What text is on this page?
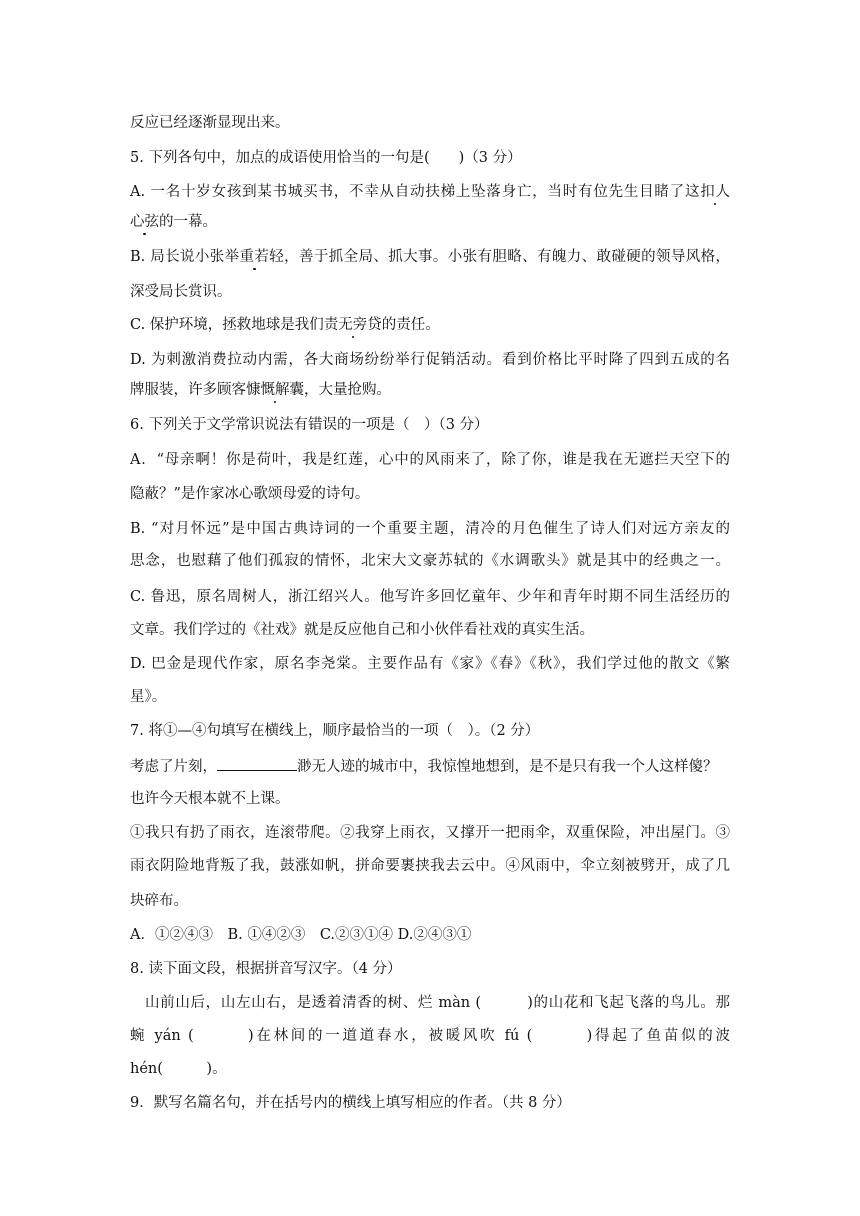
反应已经逐渐显现出来。
5. 下列各句中，加点的成语使用恰当的一句是(　　)（3 分）
A. 一名十岁女孩到某书城买书，不幸从自动扶梯上坠落身亡，当时有位先生目睹了这扣人
心弦的一幕。
B. 局长说小张举重若轻，善于抓全局、抓大事。小张有胆略、有魄力、敢碰硬的领导风格，
深受局长赏识。
C. 保护环境，拯救地球是我们责无旁贷的责任。
D. 为刺激消费拉动内需，各大商场纷纷举行促销活动。看到价格比平时降了四到五成的名
牌服装，许多顾客慷慨解囊，大量抢购。
6. 下列关于文学常识说法有错误的一项是（　）（3 分）
A．“母亲啊！你是荷叶，我是红莲，心中的风雨来了，除了你，谁是我在无遮拦天空下的
隐蔽？”是作家冰心歌颂母爱的诗句。
B. “对月怀远”是中国古典诗词的一个重要主题，清冷的月色催生了诗人们对远方亲友的
思念，也慰藉了他们孤寂的情怀，北宋大文豪苏轼的《水调歌头》就是其中的经典之一。
C. 鲁迅，原名周树人，浙江绍兴人。他写许多回忆童年、少年和青年时期不同生活经历的
文章。我们学过的《社戏》就是反应他自己和小伙伴看社戏的真实生活。
D. 巴金是现代作家，原名李尧棠。主要作品有《家》《春》《秋》，我们学过他的散文《繁
星》。
7. 将①—④句填写在横线上，顺序最恰当的一项（　）。（2 分）
考虑了片刻，	渺无人迹的城市中，我惊惶地想到，是不是只有我一个人这样傻？
也许今天根本就不上课。
①我只有扔了雨衣，连滚带爬。②我穿上雨衣，又撑开一把雨伞，双重保险，冲出屋门。③
雨衣阴险地背叛了我，鼓涨如帆，拼命要裹挟我去云中。④风雨中，伞立刻被劈开，成了几
块碎布。
A．①②④③　B. ①④②③　C.②③①④ D.②④③①
8. 读下面文段，根据拼音写汉字。（4 分）
山前山后，山左山右，是透着清香的树、烂 màn (　　　)的山花和飞起飞落的鸟儿。那
蜿 yán (　　　)在林间的一道道春水，被暖风吹 fú (　　　)得起了鱼苗似的波
hén(　　　)。
9．默写名篇名句，并在括号内的横线上填写相应的作者。（共 8 分）
